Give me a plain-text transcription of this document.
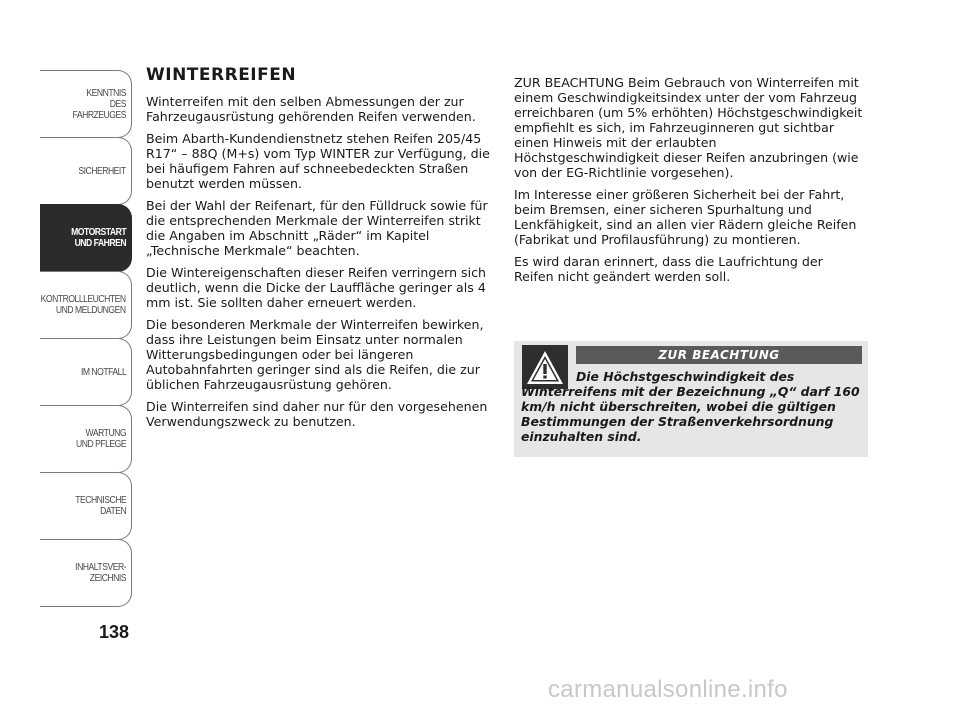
KENNTNIS
DES FAHRZEUGES
SICHERHEIT
MOTORSTART
UND FAHREN
KONTROLLLEUCHTEN
UND MELDUNGEN
IM NOTFALL
WARTUNG
UND PFLEGE
TECHNISCHE
DATEN
INHALTSVER-
ZEICHNIS
138
WINTERREIFEN

Winterreifen mit den selben Abmessungen der zur Fahrzeugausrüstung gehörenden Reifen verwenden.

Beim Abarth-Kundendienstnetz stehen Reifen 205/45 R17“ – 88Q (M+s) vom Typ WINTER zur Verfügung, die bei häufigem Fahren auf schneebedeckten Straßen benutzt werden müssen.

Bei der Wahl der Reifenart, für den Fülldruck sowie für die entsprechenden Merkmale der Winterreifen strikt die Angaben im Abschnitt „Räder“ im Kapitel „Technische Merkmale“ beachten.

Die Wintereigenschaften dieser Reifen verringern sich deutlich, wenn die Dicke der Lauffläche geringer als 4 mm ist. Sie sollten daher erneuert werden.

Die besonderen Merkmale der Winterreifen bewirken, dass ihre Leistungen beim Einsatz unter normalen Witterungsbedingungen oder bei längeren Autobahnfahrten geringer sind als die Reifen, die zur üblichen Fahrzeugausrüstung gehören.

Die Winterreifen sind daher nur für den vorgesehenen Verwendungszweck zu benutzen.

ZUR BEACHTUNG Beim Gebrauch von Winterreifen mit einem Geschwindigkeitsindex unter der vom Fahrzeug erreichbaren (um 5% erhöhten) Höchstgeschwindigkeit empfiehlt es sich, im Fahrzeuginneren gut sichtbar einen Hinweis mit der erlaubten Höchstgeschwindigkeit dieser Reifen anzubringen (wie von der EG-Richtlinie vorgesehen).

Im Interesse einer größeren Sicherheit bei der Fahrt, beim Bremsen, einer sicheren Spurhaltung und Lenkfähigkeit, sind an allen vier Rädern gleiche Reifen (Fabrikat und Profilausführung) zu montieren.

Es wird daran erinnert, dass die Laufrichtung der Reifen nicht geändert werden soll.

ZUR BEACHTUNG
Die Höchstgeschwindigkeit des Winterreifens mit der Bezeichnung „Q“ darf 160 km/h nicht überschreiten, wobei die gültigen Bestimmungen der Straßenverkehrsordnung einzuhalten sind.
carmanualsonline.info
